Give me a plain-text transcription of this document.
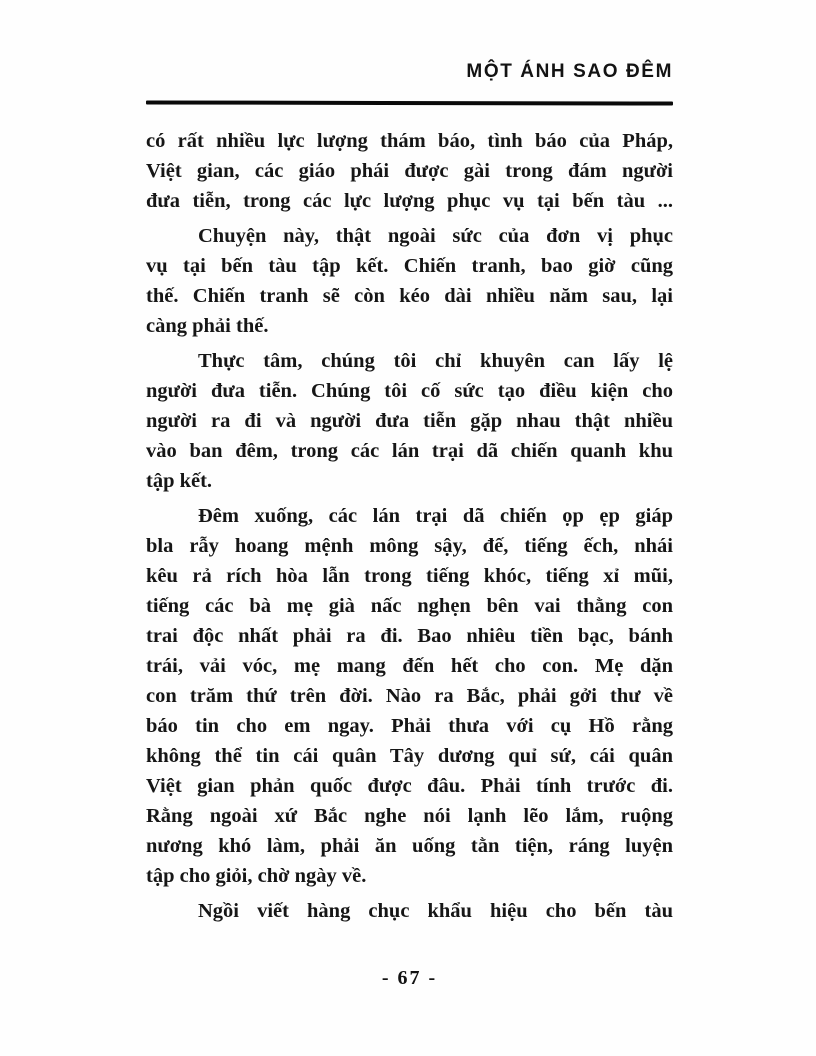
MỘT ÁNH SAO ĐÊM
có rất nhiều lực lượng thám báo, tình báo của Pháp,
Việt gian, các giáo phái được gài trong đám người
đưa tiễn, trong các lực lượng phục vụ tại bến tàu ...
Chuyện này, thật ngoài sức của đơn vị phục
vụ tại bến tàu tập kết. Chiến tranh, bao giờ cũng
thế. Chiến tranh sẽ còn kéo dài nhiều năm sau, lại
càng phải thế.
Thực tâm, chúng tôi chỉ khuyên can lấy lệ
người đưa tiễn. Chúng tôi cố sức tạo điều kiện cho
người ra đi và người đưa tiễn gặp nhau thật nhiều
vào ban đêm, trong các lán trại dã chiến quanh khu
tập kết.
Đêm xuống, các lán trại dã chiến ọp ẹp giáp
bla rẫy hoang mệnh mông sậy, đế, tiếng ếch, nhái
kêu rả rích hòa lẫn trong tiếng khóc, tiếng xỉ mũi,
tiếng các bà mẹ già nấc nghẹn bên vai thằng con
trai độc nhất phải ra đi. Bao nhiêu tiền bạc, bánh
trái, vải vóc, mẹ mang đến hết cho con. Mẹ dặn
con trăm thứ trên đời. Nào ra Bắc, phải gởi thư về
báo tin cho em ngay. Phải thưa với cụ Hồ rằng
không thể tin cái quân Tây dương quỉ sứ, cái quân
Việt gian phản quốc được đâu. Phải tính trước đi.
Rằng ngoài xứ Bắc nghe nói lạnh lẽo lắm, ruộng
nương khó làm, phải ăn uống tằn tiện, ráng luyện
tập cho giỏi, chờ ngày về.
Ngồi viết hàng chục khẩu hiệu cho bến tàu
- 67 -
